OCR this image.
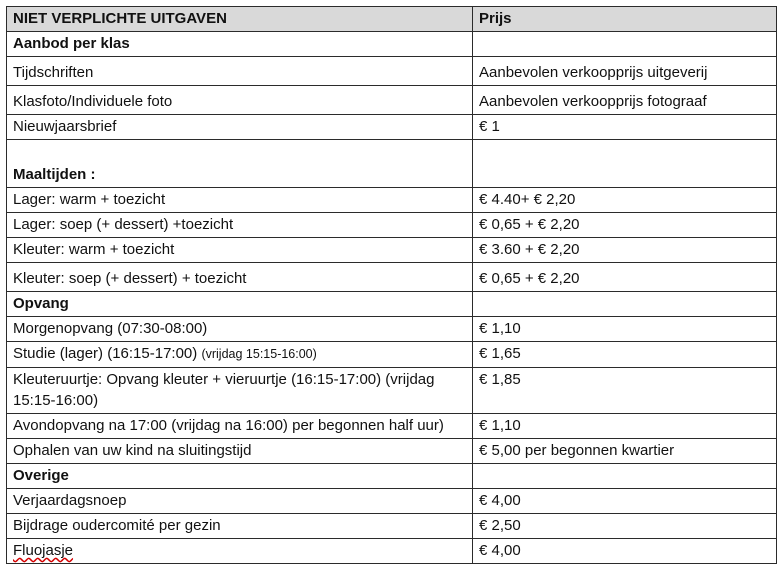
NIET VERPLICHTE UITGAVEN	Prijs
Aanbod per klas	
Tijdschriften	Aanbevolen verkoopprijs uitgeverij
Klasfoto/Individuele foto	Aanbevolen verkoopprijs fotograaf
Nieuwjaarsbrief	€ 1
Maaltijden :	
Lager: warm + toezicht	€ 4.40+ € 2,20
Lager: soep (+ dessert) +toezicht	€ 0,65 + € 2,20
Kleuter: warm + toezicht	€ 3.60 + € 2,20
Kleuter: soep (+ dessert) + toezicht	€ 0,65 + € 2,20
Opvang	
Morgenopvang (07:30-08:00)	€ 1,10
Studie (lager) (16:15-17:00) (vrijdag 15:15-16:00)	€ 1,65
Kleuteruurtje: Opvang kleuter + vieruurtje (16:15-17:00) (vrijdag 15:15-16:00)	€ 1,85
Avondopvang na 17:00 (vrijdag na 16:00) per begonnen half uur)	€ 1,10
Ophalen van uw kind na sluitingstijd	€ 5,00 per begonnen kwartier
Overige	
Verjaardagsnoep	€ 4,00
Bijdrage oudercomité per gezin	€ 2,50
Fluojasje	€ 4,00
